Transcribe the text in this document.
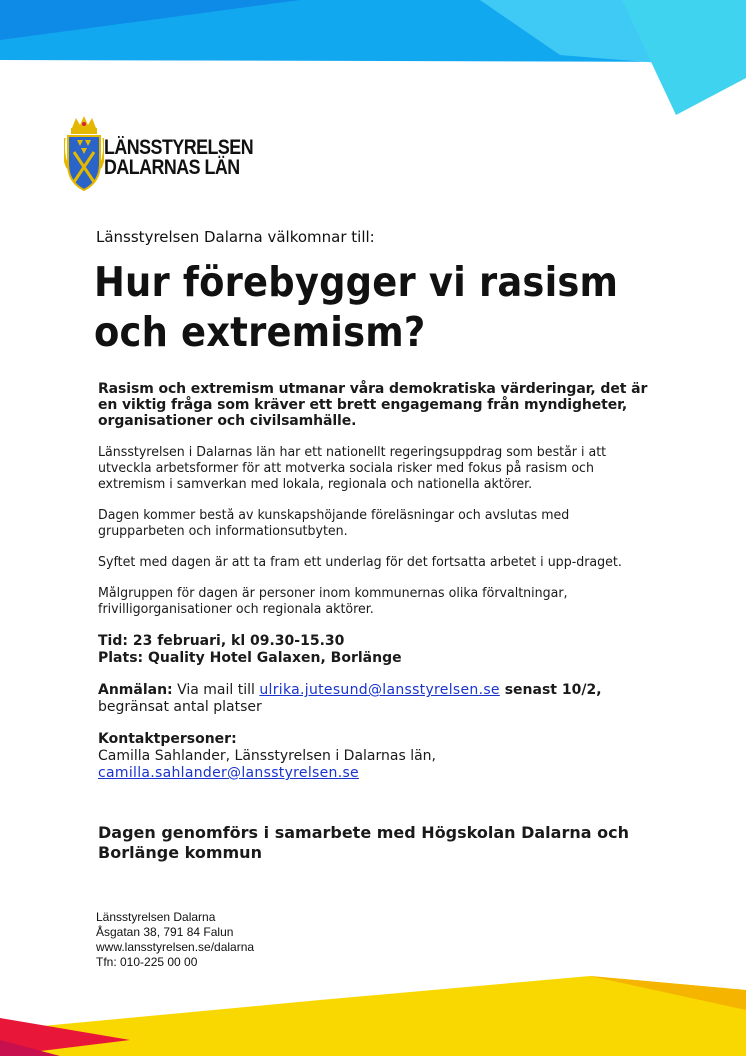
LÄNSSTYRELSEN
DALARNAS LÄN
Länsstyrelsen Dalarna välkomnar till:
Hur förebygger vi rasism
och extremism?

Rasism och extremism utmanar våra demokratiska värderingar, det är en viktig fråga som kräver ett brett engagemang från myndigheter, organisationer och civilsamhälle.

Länsstyrelsen i Dalarnas län har ett nationellt regeringsuppdrag som består i att utveckla arbetsformer för att motverka sociala risker med fokus på rasism och extremism i samverkan med lokala, regionala och nationella aktörer.

Dagen kommer bestå av kunskapshöjande föreläsningar och avslutas med grupparbeten och informationsutbyten.

Syftet med dagen är att ta fram ett underlag för det fortsatta arbetet i upp-draget.

Målgruppen för dagen är personer inom kommunernas olika förvaltningar, frivilligorganisationer och regionala aktörer.

Tid: 23 februari, kl 09.30-15.30
Plats: Quality Hotel Galaxen, Borlänge

Anmälan: Via mail till ulrika.jutesund@lansstyrelsen.se senast 10/2, begränsat antal platser

Kontaktpersoner:
Camilla Sahlander, Länsstyrelsen i Dalarnas län,
camilla.sahlander@lansstyrelsen.se

Dagen genomförs i samarbete med Högskolan Dalarna och Borlänge kommun

Länsstyrelsen Dalarna
Åsgatan 38, 791 84 Falun
www.lansstyrelsen.se/dalarna
Tfn: 010-225 00 00
